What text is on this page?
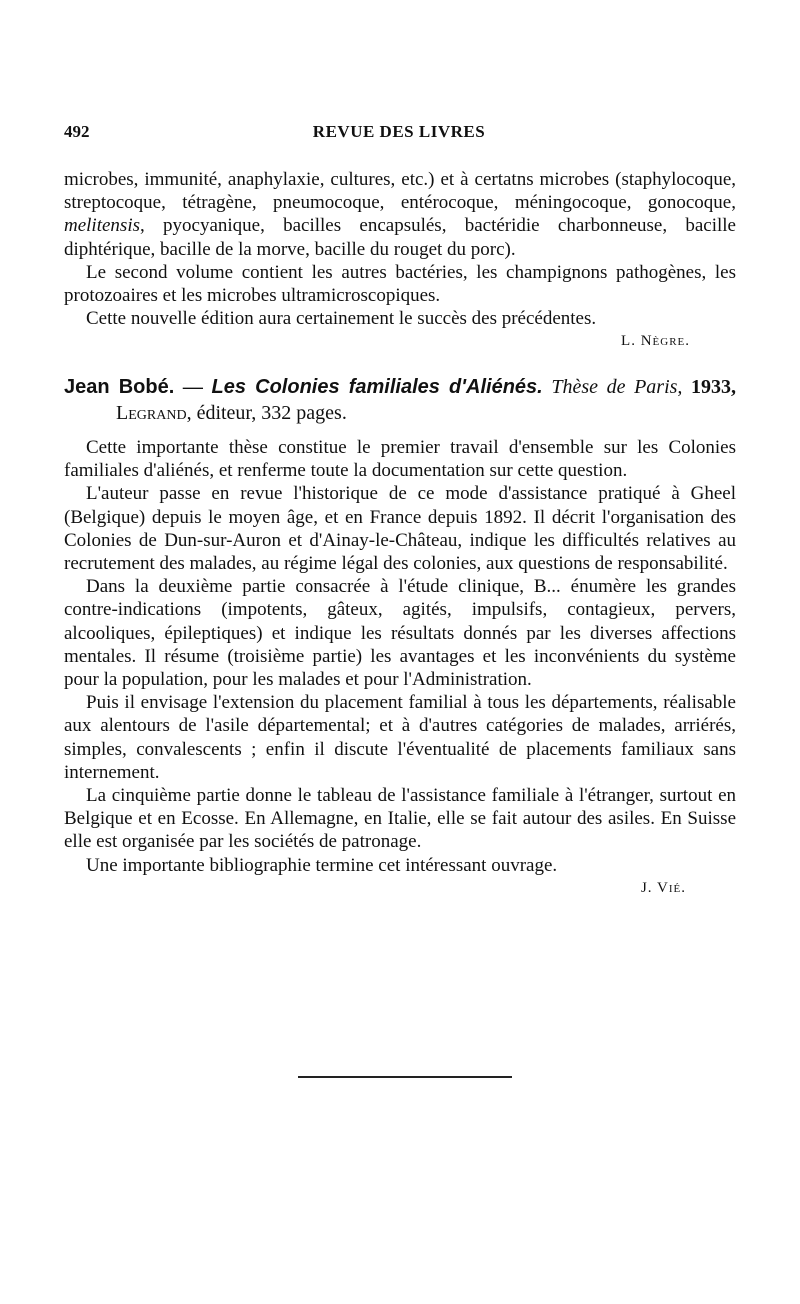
492	REVUE DES LIVRES

microbes, immunité, anaphylaxie, cultures, etc.) et à certatns microbes (staphylocoque, streptocoque, tétragène, pneumocoque, entérocoque, méningocoque, gonocoque, melitensis, pyocyanique, bacilles encapsulés, bactéridie charbonneuse, bacille diphtérique, bacille de la morve, bacille du rouget du porc).

Le second volume contient les autres bactéries, les champignons pathogènes, les protozoaires et les microbes ultramicroscopiques.

Cette nouvelle édition aura certainement le succès des précédentes.

L. Nègre.

Jean Bobé. — Les Colonies familiales d'Aliénés. Thèse de Paris, 1933,
Legrand, éditeur, 332 pages.

Cette importante thèse constitue le premier travail d'ensemble sur les Colonies familiales d'aliénés, et renferme toute la documentation sur cette question.

L'auteur passe en revue l'historique de ce mode d'assistance pratiqué à Gheel (Belgique) depuis le moyen âge, et en France depuis 1892. Il décrit l'organisation des Colonies de Dun-sur-Auron et d'Ainay-le-Château, indique les difficultés relatives au recrutement des malades, au régime légal des colonies, aux questions de responsabilité.

Dans la deuxième partie consacrée à l'étude clinique, B... énumère les grandes contre-indications (impotents, gâteux, agités, impulsifs, contagieux, pervers, alcooliques, épileptiques) et indique les résultats donnés par les diverses affections mentales. Il résume (troisième partie) les avantages et les inconvénients du système pour la population, pour les malades et pour l'Administration.

Puis il envisage l'extension du placement familial à tous les départements, réalisable aux alentours de l'asile départemental; et à d'autres catégories de malades, arriérés, simples, convalescents ; enfin il discute l'éventualité de placements familiaux sans internement.

La cinquième partie donne le tableau de l'assistance familiale à l'étranger, surtout en Belgique et en Ecosse. En Allemagne, en Italie, elle se fait autour des asiles. En Suisse elle est organisée par les sociétés de patronage.

Une importante bibliographie termine cet intéressant ouvrage.

J. Vié.
